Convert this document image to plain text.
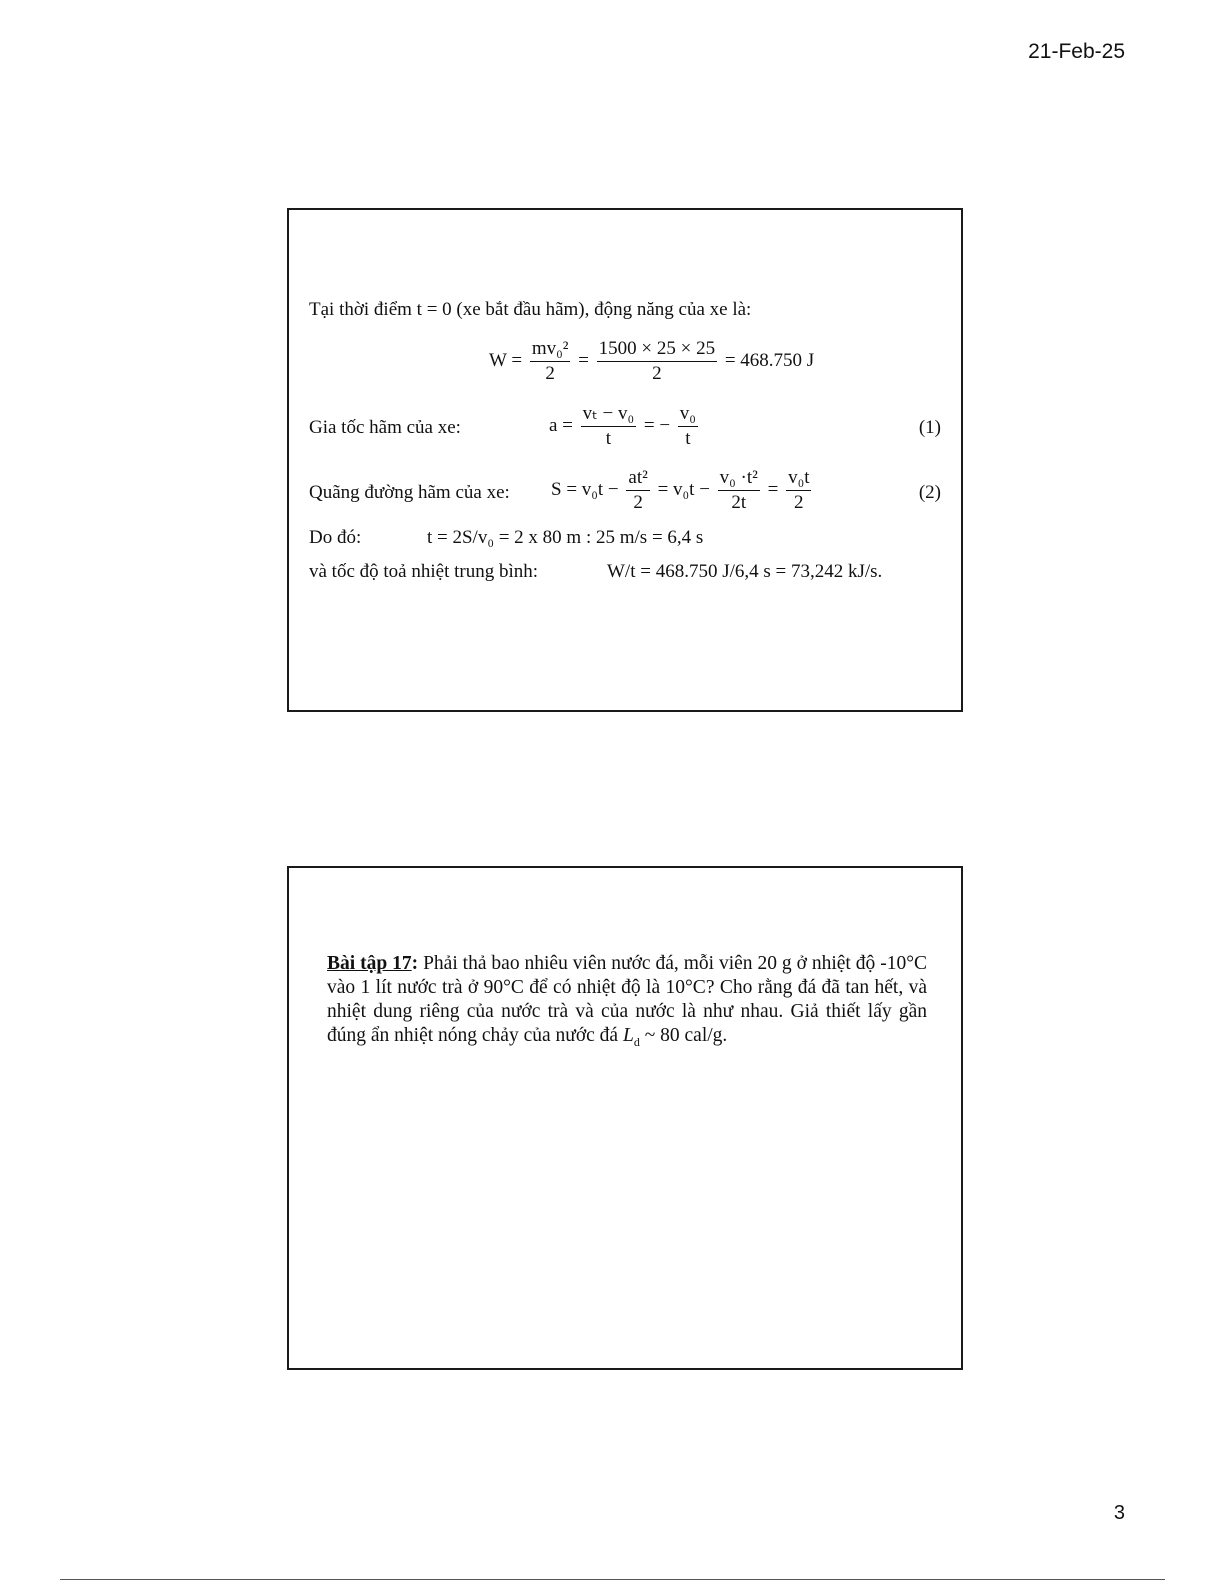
21-Feb-25
Tại thời điểm t = 0 (xe bắt đầu hãm), động năng của xe là:
$W = \frac{\text{mv₀²}}{2} = \frac{1500 \times 25 \times 25}{2} = 468.750$ J
Gia tốc hãm của xe:	$a = \frac{\text{vₜ − v₀}}{t}$ = − $\frac{\text{v₀}}{t}$	(1)
Quãng đường hãm của xe: $S = v_0t - \frac{\text{at²}}{2} = v_0t - \frac{\text{v₀ ·t²}}{2t} = \frac{\text{v₀t}}{2}$	(2)
Do đó:	t = 2S/v₀ = 2 x 80 m : 25 m/s = 6,4 s
và tốc độ toả nhiệt trung bình:	W/t = 468.750 J/6,4 s = 73,242 kJ/s.
Bài tập 17: Phải thả bao nhiêu viên nước đá, mỗi viên 20 g ở nhiệt độ -10°C vào 1 lít nước trà ở 90°C để có nhiệt độ là 10°C? Cho rằng đá đã tan hết, và nhiệt dung riêng của nước trà và của nước là như nhau. Giả thiết lấy gần đúng ẩn nhiệt nóng chảy của nước đá $L_d$ ~ 80 cal/g.
3
